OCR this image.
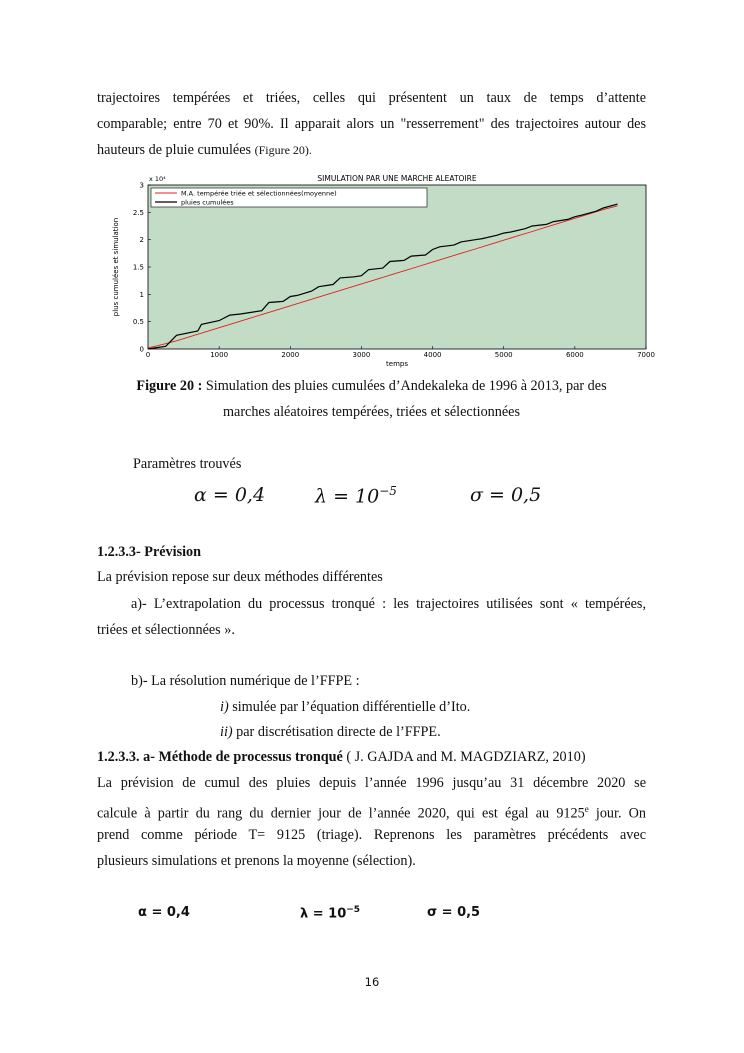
trajectoires tempérées et triées, celles qui présentent un taux de temps d’attente

comparable; entre 70 et 90%. Il apparait alors un "resserrement" des trajectoires autour des

hauteurs de pluie cumulées (Figure 20).

SIMULATION PAR UNE MARCHE ALEATOIRE
x 10⁴
plus cumulées et simulation
temps
0	1000	2000	3000	4000	5000	6000	7000
0
0.5
1
1.5
2
2.5
3
M.A. tempérée triée et sélectionnées(moyenne)
pluies cumulées
Figure 20 : Simulation des pluies cumulées d’Andekaleka de 1996 à 2013, par des
marches aléatoires tempérées, triées et sélectionnées

Paramètres trouvés

α = 0,4	$\lambda = 10^{-5}$	σ = 0,5

1.2.3.3- Prévision

La prévision repose sur deux méthodes différentes

a)- L’extrapolation du processus tronqué : les trajectoires utilisées sont « tempérées,

triées et sélectionnées ».

b)- La résolution numérique de l’FFPE :

i) simulée par l’équation différentielle d’Ito.

ii) par discrétisation directe de l’FFPE.

1.2.3.3. a- Méthode de processus tronqué ( J. GAJDA and M. MAGDZIARZ, 2010)

La prévision de cumul des pluies depuis l’année 1996 jusqu’au 31 décembre 2020 se

calcule à partir du rang du dernier jour de l’année 2020, qui est égal au 9125e jour. On

prend comme période T= 9125 (triage). Reprenons les paramètres précédents avec

plusieurs simulations et prenons la moyenne (sélection).

α = 0,4	$\lambda = 10^{-5}$	σ = 0,5
16
